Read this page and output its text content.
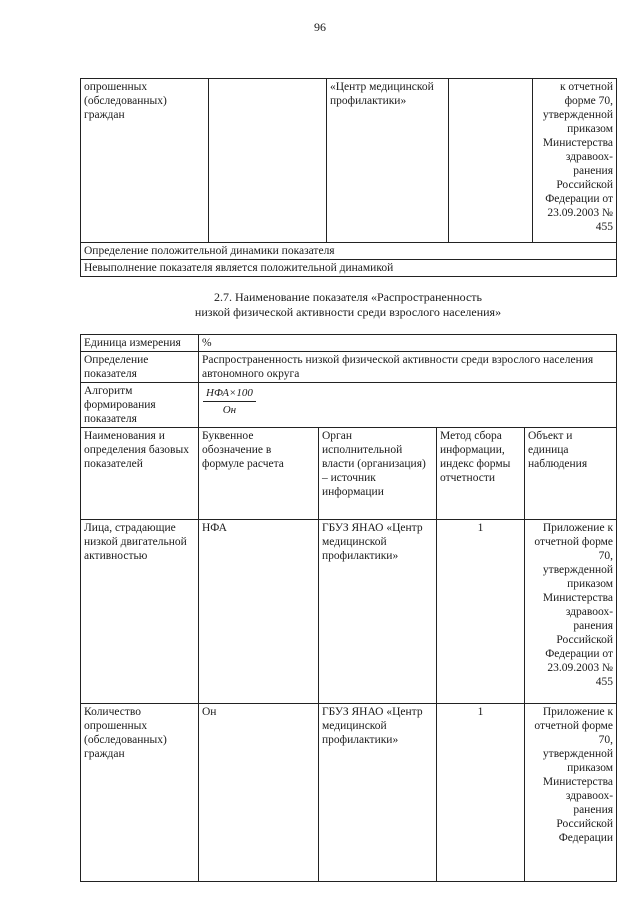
96
опрошенных (обследованных) граждан		«Центр медицинской профилактики»		к отчетной форме 70, утвержденной приказом Министерства здравоох-ранения Российской Федерации от 23.09.2003 № 455
Определение положительной динамики показателя
Невыполнение показателя является положительной динамикой
2.7. Наименование показателя «Распространенность
низкой физической активности среди взрослого населения»
Единица измерения	%			
Определение показателя	Распространенность низкой физической активности среди взрослого населения автономного округа			
Алгоритм формирования показателя	$\frac{\text{НФА×100}}{Он}$

Наименования и определения базовых показателей	Буквенное обозначение в формуле расчета	Орган исполнительной власти (организация) – источник информации	Метод сбора информации, индекс формы отчетности	Объект и единица наблюдения
Лица, страдающие низкой двигательной активностью	НФА	ГБУЗ ЯНАО «Центр медицинской профилактики»	1	Приложение к отчетной форме 70, утвержденной приказом Министерства здравоох-ранения Российской Федерации от 23.09.2003 № 455
Количество опрошенных (обследованных) граждан	Он	ГБУЗ ЯНАО «Центр медицинской профилактики»	1	Приложение к отчетной форме 70, утвержденной приказом Министерства здравоох-ранения Российской Федерации
